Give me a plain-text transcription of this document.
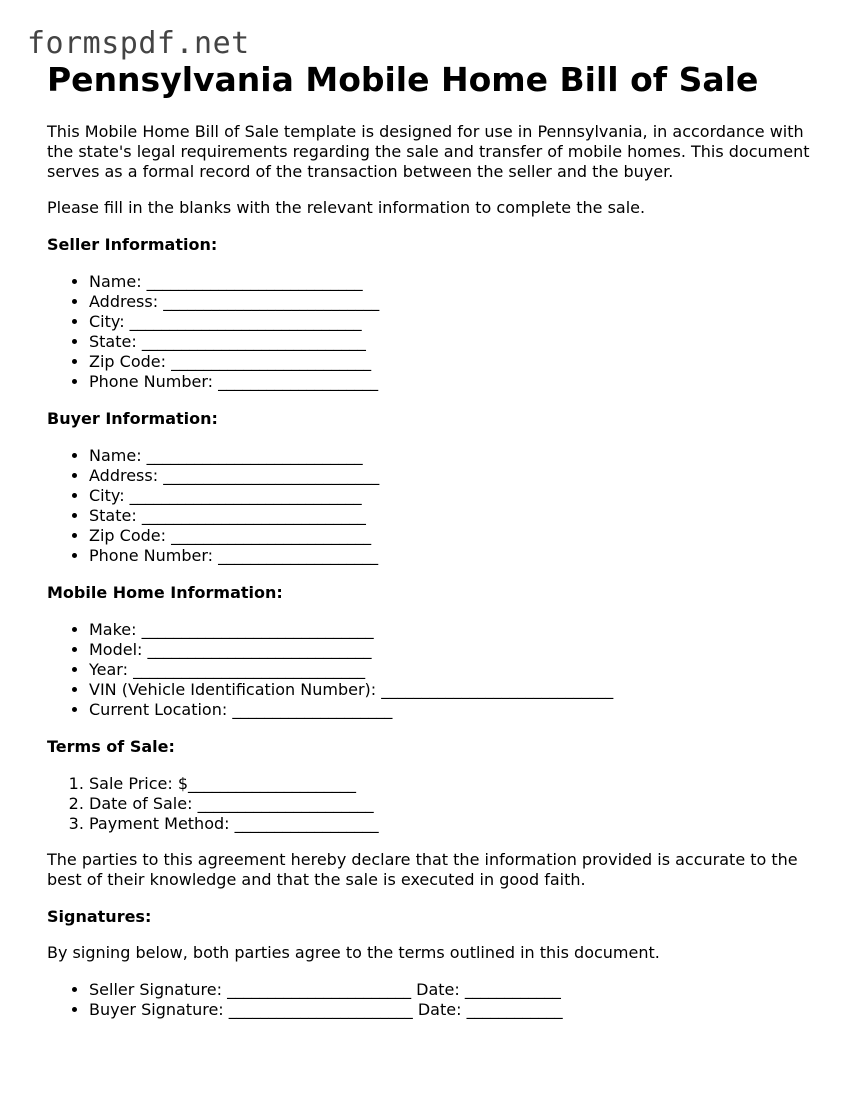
formspdf.net
Pennsylvania Mobile Home Bill of Sale

This Mobile Home Bill of Sale template is designed for use in Pennsylvania, in accordance with the state's legal requirements regarding the sale and transfer of mobile homes. This document serves as a formal record of the transaction between the seller and the buyer.

Please fill in the blanks with the relevant information to complete the sale.

Seller Information:
• Name: ___________________________
• Address: ___________________________
• City: _____________________________
• State: ____________________________
• Zip Code: _________________________
• Phone Number: ____________________
Buyer Information:
• Name: ___________________________
• Address: ___________________________
• City: _____________________________
• State: ____________________________
• Zip Code: _________________________
• Phone Number: ____________________
Mobile Home Information:
• Make: _____________________________
• Model: ____________________________
• Year: _____________________________
• VIN (Vehicle Identification Number): _____________________________
• Current Location: ____________________
Terms of Sale:
1. Sale Price: $_____________________
2. Date of Sale: ______________________
3. Payment Method: __________________

The parties to this agreement hereby declare that the information provided is accurate to the best of their knowledge and that the sale is executed in good faith.

Signatures:

By signing below, both parties agree to the terms outlined in this document.

• Seller Signature: _______________________ Date: ____________
• Buyer Signature: _______________________ Date: ____________
